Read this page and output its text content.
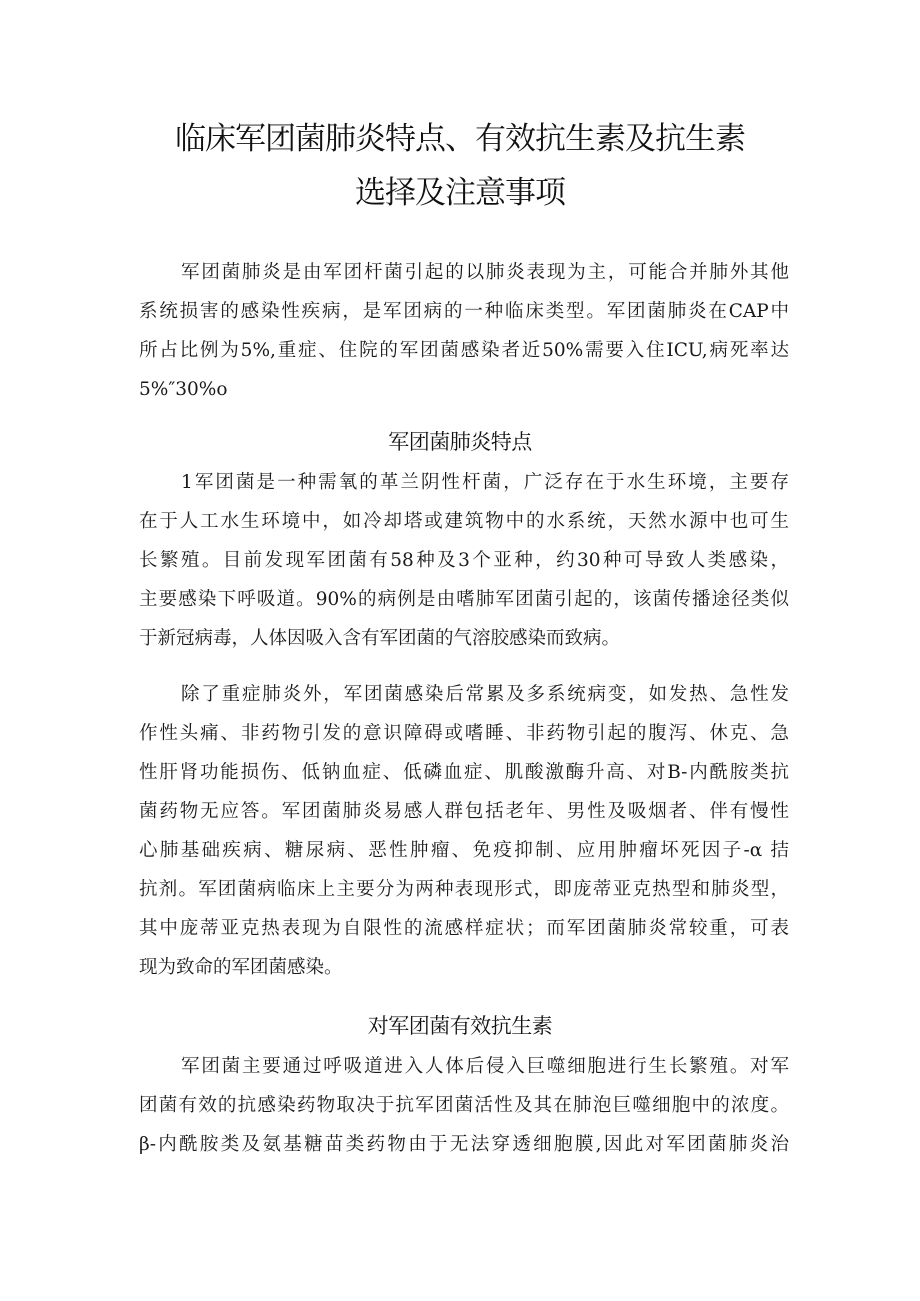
临床军团菌肺炎特点、有效抗生素及抗生素
选择及注意事项
军团菌肺炎是由军团杆菌引起的以肺炎表现为主，可能合并肺外其他
系统损害的感染性疾病，是军团病的一种临床类型。军团菌肺炎在CAP中
所占比例为5%,重症、住院的军团菌感染者近50%需要入住ICU,病死率达
5%″30%o
军团菌肺炎特点
1军团菌是一种需氧的革兰阴性杆菌，广泛存在于水生环境，主要存
在于人工水生环境中，如冷却塔或建筑物中的水系统，天然水源中也可生
长繁殖。目前发现军团菌有58种及3个亚种，约30种可导致人类感染，
主要感染下呼吸道。90%的病例是由嗜肺军团菌引起的，该菌传播途径类似
于新冠病毒，人体因吸入含有军团菌的气溶胶感染而致病。
除了重症肺炎外，军团菌感染后常累及多系统病变，如发热、急性发
作性头痛、非药物引发的意识障碍或嗜睡、非药物引起的腹泻、休克、急
性肝肾功能损伤、低钠血症、低磷血症、肌酸激酶升高、对B-内酰胺类抗
菌药物无应答。军团菌肺炎易感人群包括老年、男性及吸烟者、伴有慢性
心肺基础疾病、糖尿病、恶性肿瘤、免疫抑制、应用肿瘤坏死因子-α 拮
抗剂。军团菌病临床上主要分为两种表现形式，即庞蒂亚克热型和肺炎型，
其中庞蒂亚克热表现为自限性的流感样症状；而军团菌肺炎常较重，可表
现为致命的军团菌感染。
对军团菌有效抗生素
军团菌主要通过呼吸道进入人体后侵入巨噬细胞进行生长繁殖。对军
团菌有效的抗感染药物取决于抗军团菌活性及其在肺泡巨噬细胞中的浓度。
β-内酰胺类及氨基糖苗类药物由于无法穿透细胞膜,因此对军团菌肺炎治
